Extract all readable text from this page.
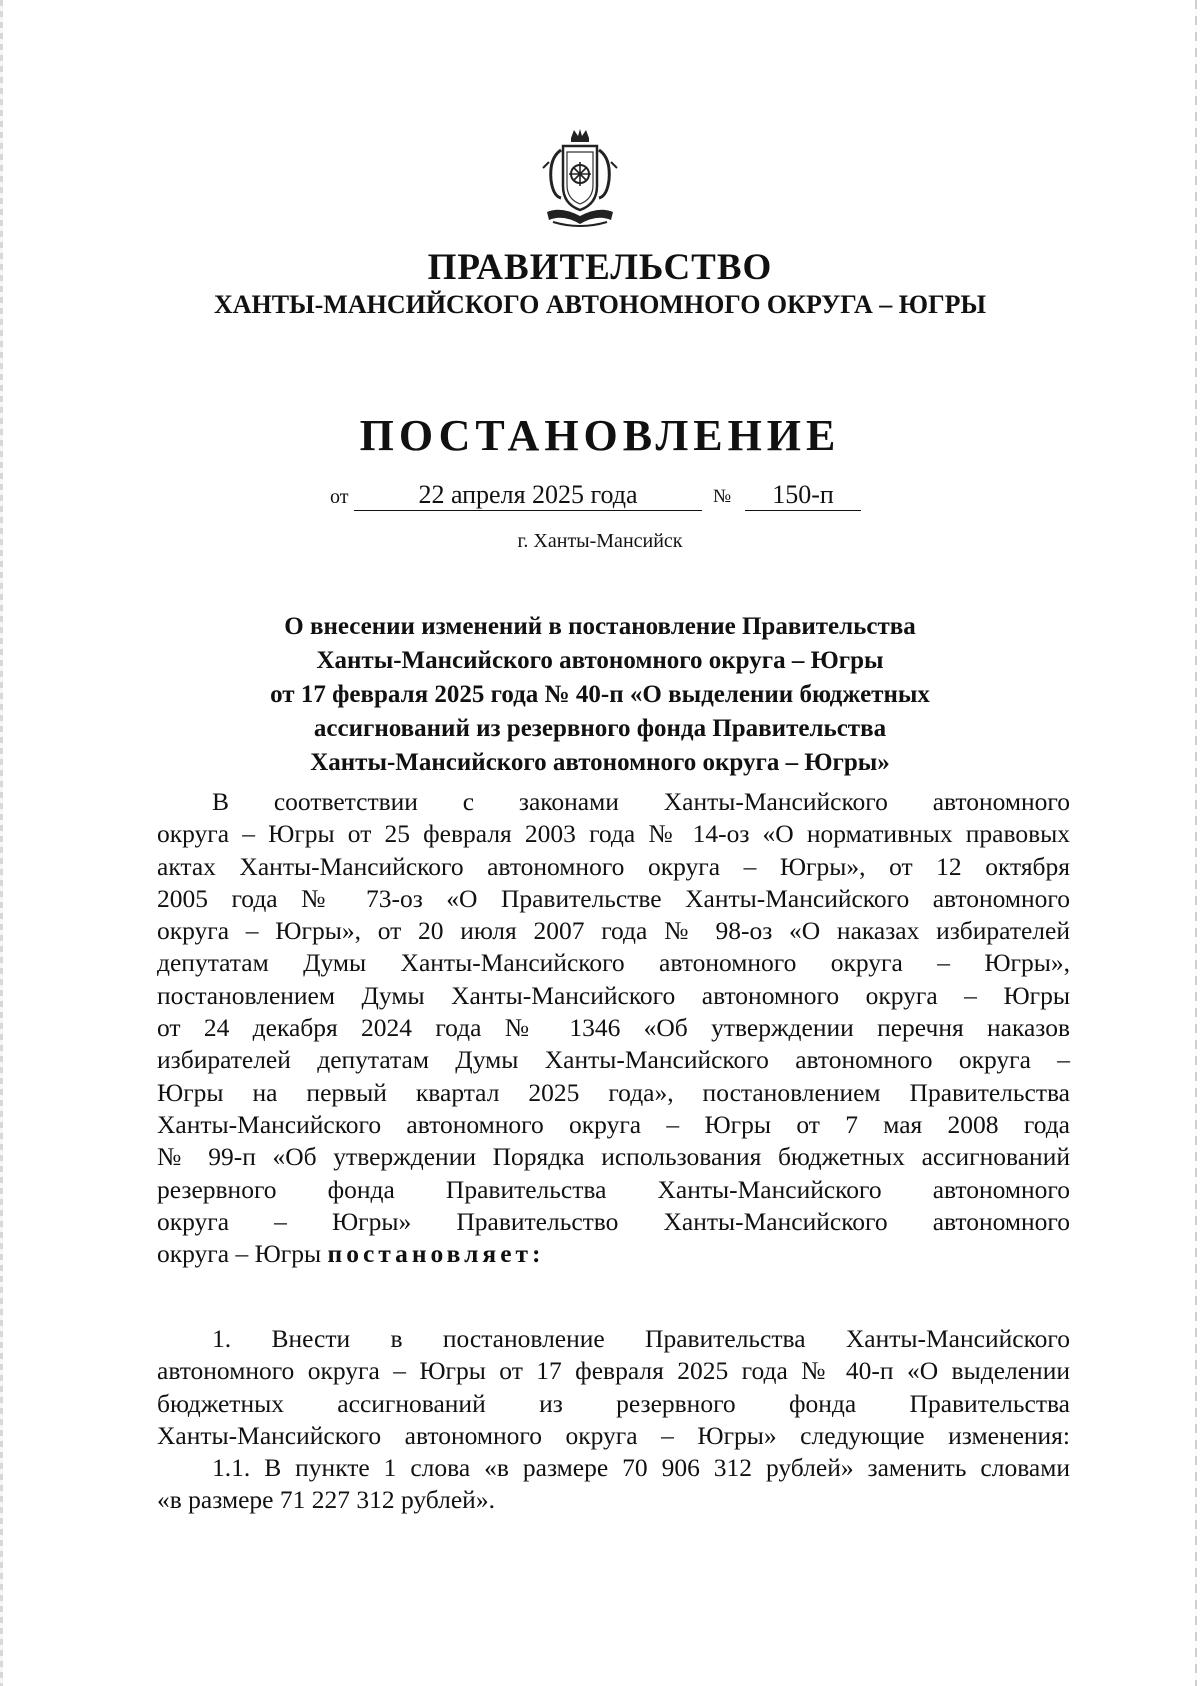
ПРАВИТЕЛЬСТВО
ХАНТЫ-МАНСИЙСКОГО АВТОНОМНОГО ОКРУГА – ЮГРЫ
ПОСТАНОВЛЕНИЕ
от	22 апреля 2025 года	№	150-п
г. Ханты-Мансийск
О внесении изменений в постановление Правительства
Ханты-Мансийского автономного округа – Югры
от 17 февраля 2025 года № 40-п «О выделении бюджетных
ассигнований из резервного фонда Правительства
Ханты-Мансийского автономного округа – Югры»
В соответствии с законами Ханты-Мансийского автономного
округа – Югры от 25 февраля 2003 года № 14-оз «О нормативных правовых
актах Ханты-Мансийского автономного округа – Югры», от 12 октября
2005 года № 73-оз «О Правительстве Ханты-Мансийского автономного
округа – Югры», от 20 июля 2007 года № 98-оз «О наказах избирателей
депутатам Думы Ханты-Мансийского автономного округа – Югры»,
постановлением Думы Ханты-Мансийского автономного округа – Югры
от 24 декабря 2024 года № 1346 «Об утверждении перечня наказов
избирателей депутатам Думы Ханты-Мансийского автономного округа –
Югры на первый квартал 2025 года», постановлением Правительства
Ханты-Мансийского автономного округа – Югры от 7 мая 2008 года
№ 99-п «Об утверждении Порядка использования бюджетных ассигнований
резервного фонда Правительства Ханты-Мансийского автономного
округа – Югры» Правительство Ханты-Мансийского автономного
округа – Югры постановляет:
1. Внести в постановление Правительства Ханты-Мансийского
автономного округа – Югры от 17 февраля 2025 года № 40-п «О выделении
бюджетных ассигнований из резервного фонда Правительства
Ханты-Мансийского автономного округа – Югры» следующие изменения:
1.1. В пункте 1 слова «в размере 70 906 312 рублей» заменить словами
«в размере 71 227 312 рублей».
